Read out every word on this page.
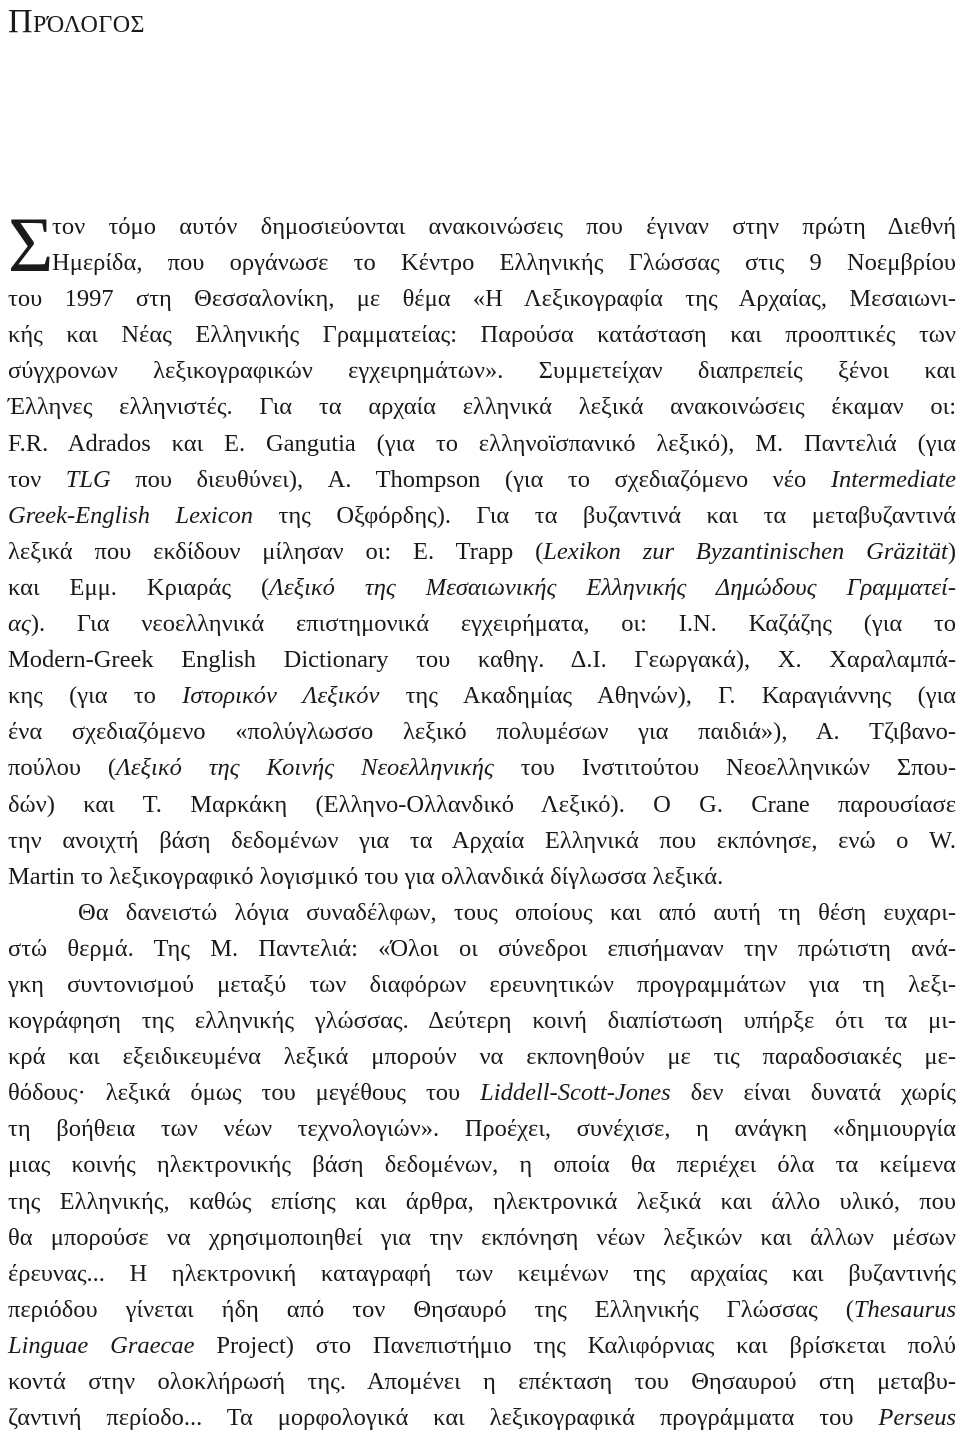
Πρόλογος
Σ
τον τόμο αυτόν δημοσιεύονται ανακοινώσεις που έγιναν στην πρώτη Διεθνή
Ημερίδα, που οργάνωσε το Κέντρο Ελληνικής Γλώσσας στις 9 Νοεμβρίου
του 1997 στη Θεσσαλονίκη, με θέμα «Η Λεξικογραφία της Αρχαίας, Μεσαιωνι-
κής και Νέας Ελληνικής Γραμματείας: Παρούσα κατάσταση και προοπτικές των
σύγχρονων λεξικογραφικών εγχειρημάτων». Συμμετείχαν διαπρεπείς ξένοι και
Έλληνες ελληνιστές. Για τα αρχαία ελληνικά λεξικά ανακοινώσεις έκαμαν οι:
F.R. Adrados και E. Gangutia (για το ελληνοϊσπανικό λεξικό), Μ. Παντελιά (για
τον TLG που διευθύνει), A. Thompson (για το σχεδιαζόμενο νέο Intermediate
Greek-English Lexicon της Οξφόρδης). Για τα βυζαντινά και τα μεταβυζαντινά
λεξικά που εκδίδουν μίλησαν οι: E. Trapp (Lexikon zur Byzantinischen Gräzität)
και Εμμ. Κριαράς (Λεξικό της Μεσαιωνικής Ελληνικής Δημώδους Γραμματεί-
ας). Για νεοελληνικά επιστημονικά εγχειρήματα, οι: Ι.Ν. Καζάζης (για το
Modern-Greek English Dictionary του καθηγ. Δ.Ι. Γεωργακά), Χ. Χαραλαμπά-
κης (για το Ιστορικόν Λεξικόν της Ακαδημίας Αθηνών), Γ. Καραγιάννης (για
ένα σχεδιαζόμενο «πολύγλωσσο λεξικό πολυμέσων για παιδιά»), Α. Τζιβανο-
πούλου (Λεξικό της Κοινής Νεοελληνικής του Ινστιτούτου Νεοελληνικών Σπου-
δών) και Τ. Μαρκάκη (Ελληνο-Ολλανδικό Λεξικό). O G. Crane παρουσίασε
την ανοιχτή βάση δεδομένων για τα Αρχαία Ελληνικά που εκπόνησε, ενώ ο W.
Martin το λεξικογραφικό λογισμικό του για ολλανδικά δίγλωσσα λεξικά.
Θα δανειστώ λόγια συναδέλφων, τους οποίους και από αυτή τη θέση ευχαρι-
στώ θερμά. Της Μ. Παντελιά: «Όλοι οι σύνεδροι επισήμαναν την πρώτιστη ανά-
γκη συντονισμού μεταξύ των διαφόρων ερευνητικών προγραμμάτων για τη λεξι-
κογράφηση της ελληνικής γλώσσας. Δεύτερη κοινή διαπίστωση υπήρξε ότι τα μι-
κρά και εξειδικευμένα λεξικά μπορούν να εκπονηθούν με τις παραδοσιακές με-
θόδους· λεξικά όμως του μεγέθους του Liddell-Scott-Jones δεν είναι δυνατά χωρίς
τη βοήθεια των νέων τεχνολογιών». Προέχει, συνέχισε, η ανάγκη «δημιουργία
μιας κοινής ηλεκτρονικής βάση δεδομένων, η οποία θα περιέχει όλα τα κείμενα
της Ελληνικής, καθώς επίσης και άρθρα, ηλεκτρονικά λεξικά και άλλο υλικό, που
θα μπορούσε να χρησιμοποιηθεί για την εκπόνηση νέων λεξικών και άλλων μέσων
έρευνας... Η ηλεκτρονική καταγραφή των κειμένων της αρχαίας και βυζαντινής
περιόδου γίνεται ήδη από τον Θησαυρό της Ελληνικής Γλώσσας (Thesaurus
Linguae Graecae Project) στο Πανεπιστήμιο της Καλιφόρνιας και βρίσκεται πολύ
κοντά στην ολοκλήρωσή της. Απομένει η επέκταση του Θησαυρού στη μεταβυ-
ζαντινή περίοδο... Τα μορφολογικά και λεξικογραφικά προγράμματα του Perseus
